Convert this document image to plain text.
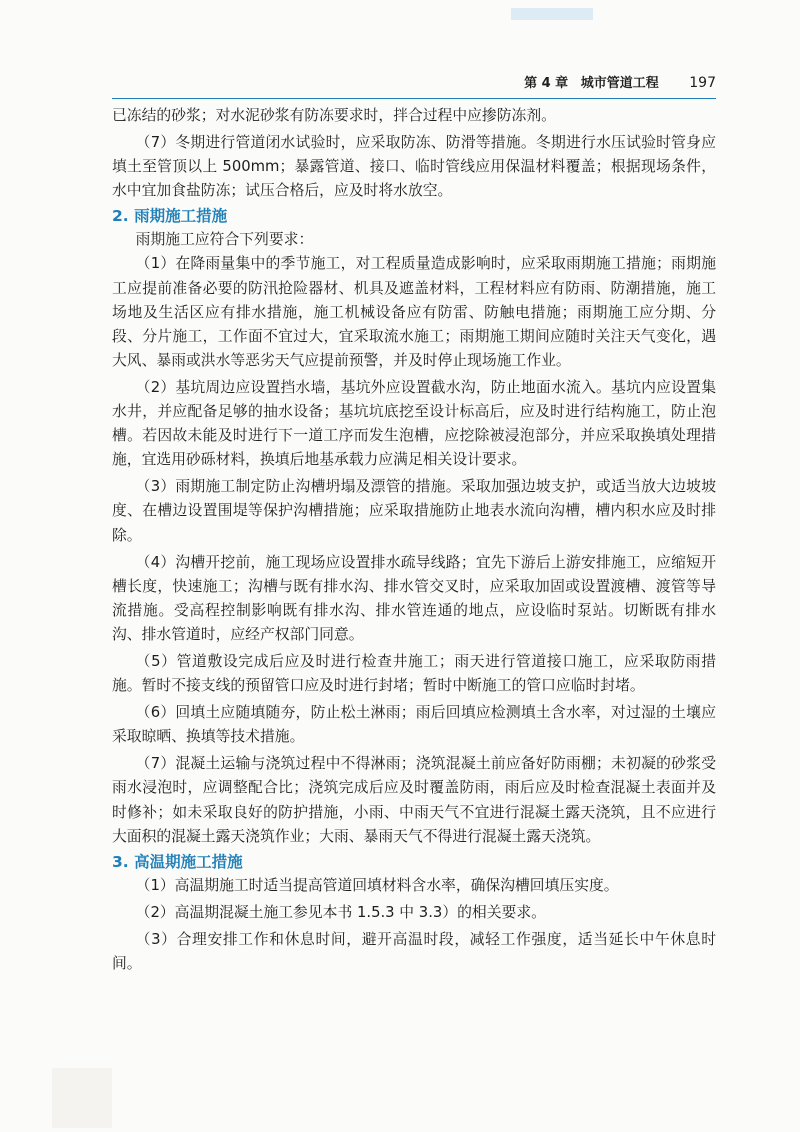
第 4 章 城市管道工程 197

已冻结的砂浆；对水泥砂浆有防冻要求时，拌合过程中应掺防冻剂。

（7）冬期进行管道闭水试验时，应采取防冻、防滑等措施。冬期进行水压试验时管身应填土至管顶以上 500mm；暴露管道、接口、临时管线应用保温材料覆盖；根据现场条件，水中宜加食盐防冻；试压合格后，应及时将水放空。

2. 雨期施工措施

雨期施工应符合下列要求：

（1）在降雨量集中的季节施工，对工程质量造成影响时，应采取雨期施工措施；雨期施工应提前准备必要的防汛抢险器材、机具及遮盖材料，工程材料应有防雨、防潮措施，施工场地及生活区应有排水措施，施工机械设备应有防雷、防触电措施；雨期施工应分期、分段、分片施工，工作面不宜过大，宜采取流水施工；雨期施工期间应随时关注天气变化，遇大风、暴雨或洪水等恶劣天气应提前预警，并及时停止现场施工作业。

（2）基坑周边应设置挡水墙，基坑外应设置截水沟，防止地面水流入。基坑内应设置集水井，并应配备足够的抽水设备；基坑坑底挖至设计标高后，应及时进行结构施工，防止泡槽。若因故未能及时进行下一道工序而发生泡槽，应挖除被浸泡部分，并应采取换填处理措施，宜选用砂砾材料，换填后地基承载力应满足相关设计要求。

（3）雨期施工制定防止沟槽坍塌及漂管的措施。采取加强边坡支护，或适当放大边坡坡度、在槽边设置围堤等保护沟槽措施；应采取措施防止地表水流向沟槽，槽内积水应及时排除。

（4）沟槽开挖前，施工现场应设置排水疏导线路；宜先下游后上游安排施工，应缩短开槽长度，快速施工；沟槽与既有排水沟、排水管交叉时，应采取加固或设置渡槽、渡管等导流措施。受高程控制影响既有排水沟、排水管连通的地点，应设临时泵站。切断既有排水沟、排水管道时，应经产权部门同意。

（5）管道敷设完成后应及时进行检查井施工；雨天进行管道接口施工，应采取防雨措施。暂时不接支线的预留管口应及时进行封堵；暂时中断施工的管口应临时封堵。

（6）回填土应随填随夯，防止松土淋雨；雨后回填应检测填土含水率，对过湿的土壤应采取晾晒、换填等技术措施。

（7）混凝土运输与浇筑过程中不得淋雨；浇筑混凝土前应备好防雨棚；未初凝的砂浆受雨水浸泡时，应调整配合比；浇筑完成后应及时覆盖防雨，雨后应及时检查混凝土表面并及时修补；如未采取良好的防护措施，小雨、中雨天气不宜进行混凝土露天浇筑，且不应进行大面积的混凝土露天浇筑作业；大雨、暴雨天气不得进行混凝土露天浇筑。

3. 高温期施工措施

（1）高温期施工时适当提高管道回填材料含水率，确保沟槽回填压实度。

（2）高温期混凝土施工参见本书 1.5.3 中 3.3）的相关要求。

（3）合理安排工作和休息时间，避开高温时段，减轻工作强度，适当延长中午休息时间。
